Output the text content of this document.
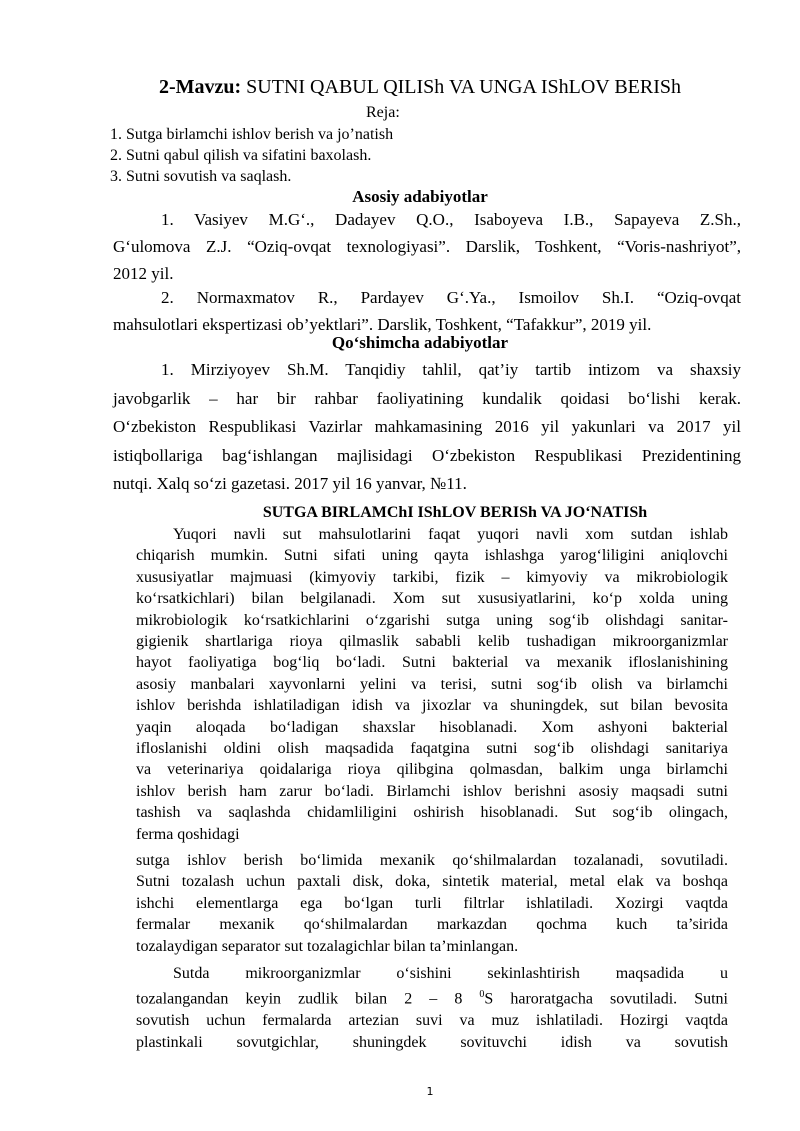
2-Mavzu: SUTNI QABUL QILISh VA UNGA IShLOV BERISh
Reja:
1. Sutga birlamchi ishlov berish va jo’natish
2. Sutni qabul qilish va sifatini baxolash.
3. Sutni sovutish va saqlash.
Asosiy adabiyotlar
1. Vasiyev M.G‘., Dadayev Q.O., Isaboyeva I.B., Sapayeva Z.Sh.,
G‘ulomova Z.J. “Oziq-ovqat texnologiyasi”. Darslik, Toshkent, “Voris-nashriyot”,
2012 yil.
2. Normaxmatov R., Pardayev G‘.Ya., Ismoilov Sh.I. “Oziq-ovqat
mahsulotlari ekspertizasi ob’yektlari”. Darslik, Toshkent, “Tafakkur”, 2019 yil.
Qo‘shimcha adabiyotlar
1. Mirziyoyev Sh.M. Tanqidiy tahlil, qat’iy tartib intizom va shaxsiy
javobgarlik – har bir rahbar faoliyatining kundalik qoidasi bo‘lishi kerak.
O‘zbekiston Respublikasi Vazirlar mahkamasining 2016 yil yakunlari va 2017 yil
istiqbollariga bag‘ishlangan majlisidagi O‘zbekiston Respublikasi Prezidentining
nutqi. Xalq so‘zi gazetasi. 2017 yil 16 yanvar, №11.
SUTGA BIRLAMChI IShLOV BERISh VA JO‘NATISh
Yuqori navli sut mahsulotlarini faqat yuqori navli xom sutdan ishlab
chiqarish mumkin. Sutni sifati uning qayta ishlashga yarog‘liligini aniqlovchi
xususiyatlar majmuasi (kimyoviy tarkibi, fizik – kimyoviy va mikrobiologik
ko‘rsatkichlari) bilan belgilanadi. Xom sut xususiyatlarini, ko‘p xolda uning
mikrobiologik ko‘rsatkichlarini o‘zgarishi sutga uning sog‘ib olishdagi sanitar-
gigienik shartlariga rioya qilmaslik sababli kelib tushadigan mikroorganizmlar
hayot faoliyatiga bog‘liq bo‘ladi. Sutni bakterial va mexanik ifloslanishining
asosiy manbalari xayvonlarni yelini va terisi, sutni sog‘ib olish va birlamchi
ishlov berishda ishlatiladigan idish va jixozlar va shuningdek, sut bilan bevosita
yaqin aloqada bo‘ladigan shaxslar hisoblanadi. Xom ashyoni bakterial
ifloslanishi oldini olish maqsadida faqatgina sutni sog‘ib olishdagi sanitariya
va veterinariya qoidalariga rioya qilibgina qolmasdan, balkim unga birlamchi
ishlov berish ham zarur bo‘ladi. Birlamchi ishlov berishni asosiy maqsadi sutni
tashish va saqlashda chidamliligini oshirish hisoblanadi. Sut sog‘ib olingach,
ferma qoshidagi
sutga ishlov berish bo‘limida mexanik qo‘shilmalardan tozalanadi, sovutiladi.
Sutni tozalash uchun paxtali disk, doka, sintetik material, metal elak va boshqa
ishchi elementlarga ega bo‘lgan turli filtrlar ishlatiladi. Xozirgi vaqtda
fermalar mexanik qo‘shilmalardan markazdan qochma kuch ta’sirida
tozalaydigan separator sut tozalagichlar bilan ta’minlangan.
Sutda mikroorganizmlar o‘sishini sekinlashtirish maqsadida u
tozalangandan keyin zudlik bilan 2 – 8 $^0$S haroratgacha sovutiladi. Sutni
sovutish uchun fermalarda artezian suvi va muz ishlatiladi. Hozirgi vaqtda
plastinkali sovutgichlar, shuningdek sovituvchi idish va sovutish
1
